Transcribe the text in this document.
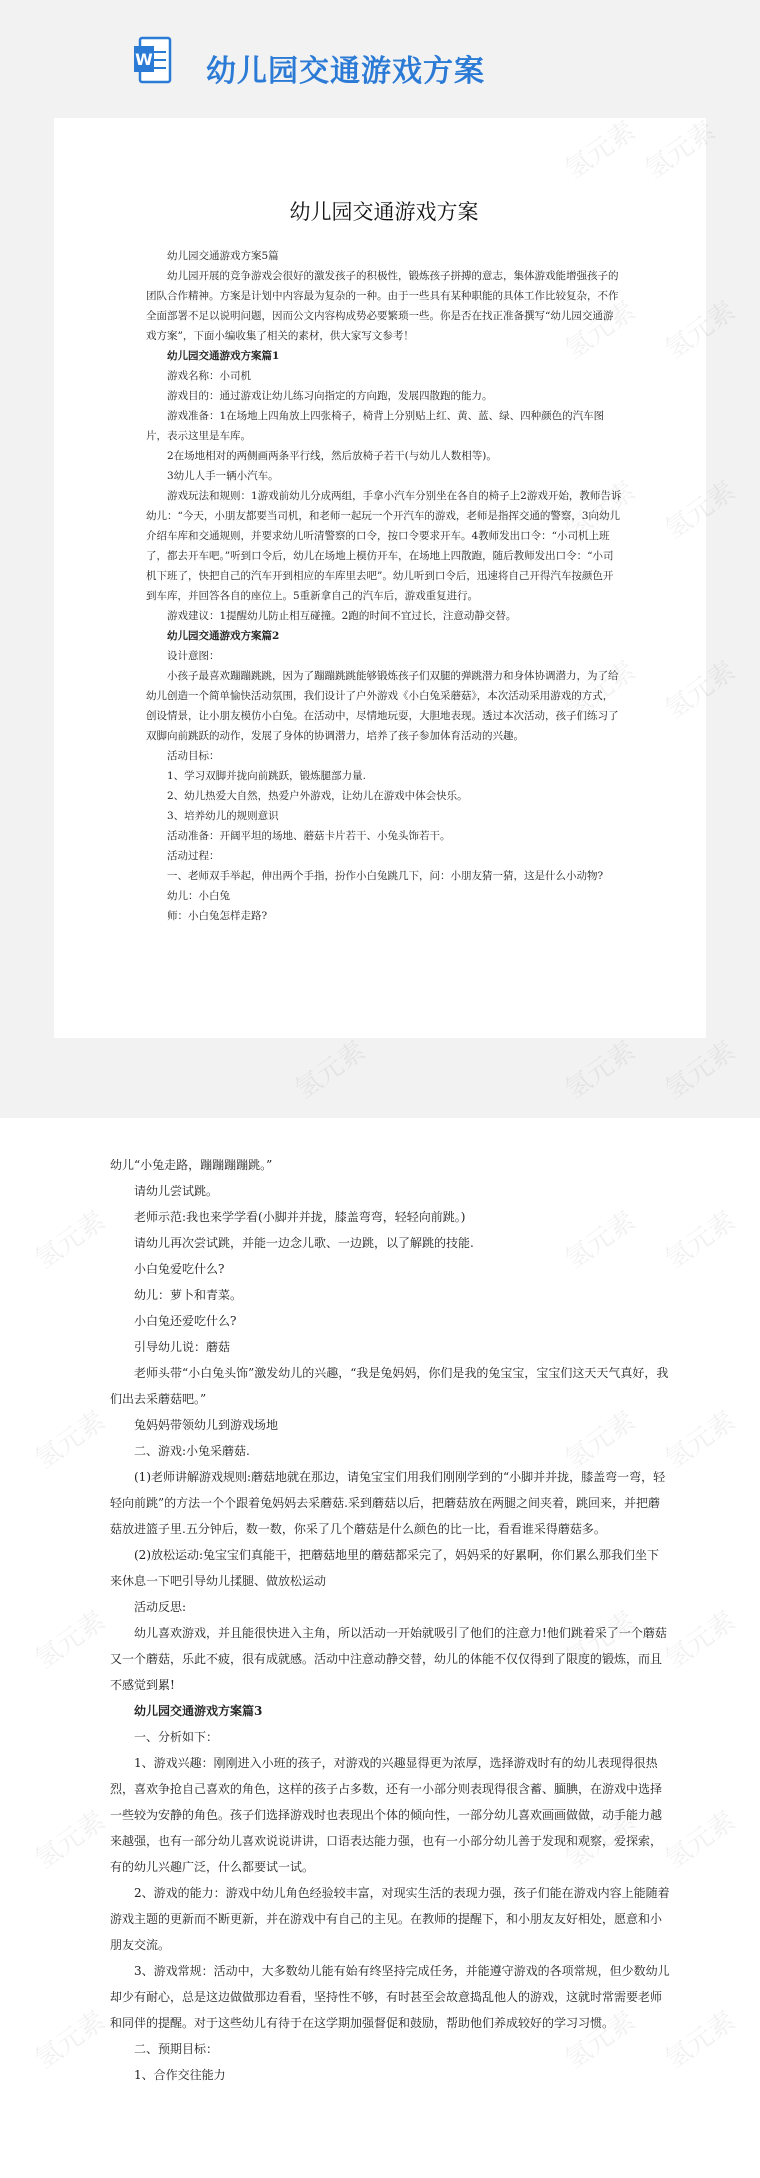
W 幼儿园交通游戏方案
幼儿园交通游戏方案

幼儿园交通游戏方案5篇

幼儿园开展的竞争游戏会很好的激发孩子的积极性，锻炼孩子拼搏的意志，集体游戏能增强孩子的团队合作精神。方案是计划中内容最为复杂的一种。由于一些具有某种职能的具体工作比较复杂，不作全面部署不足以说明问题，因而公文内容构成势必要繁琐一些。你是否在找正准备撰写“幼儿园交通游戏方案”，下面小编收集了相关的素材，供大家写文参考！

幼儿园交通游戏方案篇1

游戏名称：小司机

游戏目的：通过游戏让幼儿练习向指定的方向跑，发展四散跑的能力。

游戏准备：1在场地上四角放上四张椅子，椅背上分别贴上红、黄、蓝、绿、四种颜色的汽车图片，表示这里是车库。

2在场地相对的两侧画两条平行线，然后放椅子若干(与幼儿人数相等)。

3幼儿人手一辆小汽车。

游戏玩法和规则：1游戏前幼儿分成两组，手拿小汽车分别坐在各自的椅子上2游戏开始，教师告诉幼儿：“今天，小朋友都要当司机，和老师一起玩一个开汽车的游戏，老师是指挥交通的警察，3向幼儿介绍车库和交通规则，并要求幼儿听清警察的口令，按口令要求开车。4教师发出口令：“小司机上班了，都去开车吧。”听到口令后，幼儿在场地上模仿开车，在场地上四散跑，随后教师发出口令：“小司机下班了，快把自己的汽车开到相应的车库里去吧”。幼儿听到口令后，迅速将自己开得汽车按颜色开到车库，并回答各自的座位上。5重新拿自己的汽车后，游戏重复进行。

游戏建议：1提醒幼儿防止相互碰撞。2跑的时间不宜过长，注意动静交替。

幼儿园交通游戏方案篇2

设计意图：

小孩子最喜欢蹦蹦跳跳，因为了蹦蹦跳跳能够锻炼孩子们双腿的弹跳潜力和身体协调潜力，为了给幼儿创造一个简单愉快活动氛围，我们设计了户外游戏《小白兔采蘑菇》，本次活动采用游戏的方式，创设情景，让小朋友模仿小白兔。在活动中，尽情地玩耍，大胆地表现。透过本次活动，孩子们练习了双脚向前跳跃的动作，发展了身体的协调潜力，培养了孩子参加体育活动的兴趣。

活动目标：

1、学习双脚并拢向前跳跃，锻炼腿部力量.

2、幼儿热爱大自然，热爱户外游戏，让幼儿在游戏中体会快乐。

3、培养幼儿的规则意识

活动准备：开阔平坦的场地、蘑菇卡片若干、小兔头饰若干。

活动过程：

一、老师双手举起，伸出两个手指，扮作小白兔跳几下，问：小朋友猜一猜，这是什么小动物?

幼儿：小白兔

师：小白兔怎样走路?

幼儿“小兔走路，蹦蹦蹦蹦跳。”

请幼儿尝试跳。

老师示范:我也来学学看(小脚并并拢，膝盖弯弯，轻轻向前跳。)

请幼儿再次尝试跳，并能一边念儿歌、一边跳，以了解跳的技能.

小白兔爱吃什么?

幼儿：萝卜和青菜。

小白兔还爱吃什么?

引导幼儿说：蘑菇

老师头带“小白兔头饰”激发幼儿的兴趣，“我是兔妈妈，你们是我的兔宝宝，宝宝们这天天气真好，我们出去采蘑菇吧。”

兔妈妈带领幼儿到游戏场地

二、游戏:小兔采蘑菇.

(1)老师讲解游戏规则:蘑菇地就在那边，请兔宝宝们用我们刚刚学到的“小脚并并拢，膝盖弯一弯，轻轻向前跳”的方法一个个跟着兔妈妈去采蘑菇.采到蘑菇以后，把蘑菇放在两腿之间夹着，跳回来，并把蘑菇放进篮子里.五分钟后，数一数，你采了几个蘑菇是什么颜色的比一比，看看谁采得蘑菇多。

(2)放松运动:兔宝宝们真能干，把蘑菇地里的蘑菇都采完了，妈妈采的好累啊，你们累么那我们坐下来休息一下吧引导幼儿揉腿、做放松运动

活动反思:

幼儿喜欢游戏，并且能很快进入主角，所以活动一开始就吸引了他们的注意力!他们跳着采了一个蘑菇又一个蘑菇，乐此不疲，很有成就感。活动中注意动静交替，幼儿的体能不仅仅得到了限度的锻炼，而且不感觉到累!

幼儿园交通游戏方案篇3

一、分析如下：

1、游戏兴趣：刚刚进入小班的孩子，对游戏的兴趣显得更为浓厚，选择游戏时有的幼儿表现得很热烈，喜欢争抢自己喜欢的角色，这样的孩子占多数，还有一小部分则表现得很含蓄、腼腆，在游戏中选择一些较为安静的角色。孩子们选择游戏时也表现出个体的倾向性，一部分幼儿喜欢画画做做，动手能力越来越强，也有一部分幼儿喜欢说说讲讲，口语表达能力强，也有一小部分幼儿善于发现和观察，爱探索，有的幼儿兴趣广泛，什么都要试一试。

2、游戏的能力：游戏中幼儿角色经验较丰富，对现实生活的表现力强，孩子们能在游戏内容上能随着游戏主题的更新而不断更新，并在游戏中有自己的主见。在教师的提醒下，和小朋友友好相处，愿意和小朋友交流。

3、游戏常规：活动中，大多数幼儿能有始有终坚持完成任务，并能遵守游戏的各项常规，但少数幼儿却少有耐心，总是这边做做那边看看，坚持性不够，有时甚至会故意捣乱他人的游戏，这就时常需要老师和同伴的提醒。对于这些幼儿有待于在这学期加强督促和鼓励，帮助他们养成较好的学习习惯。

二、预期目标：

1、合作交往能力
